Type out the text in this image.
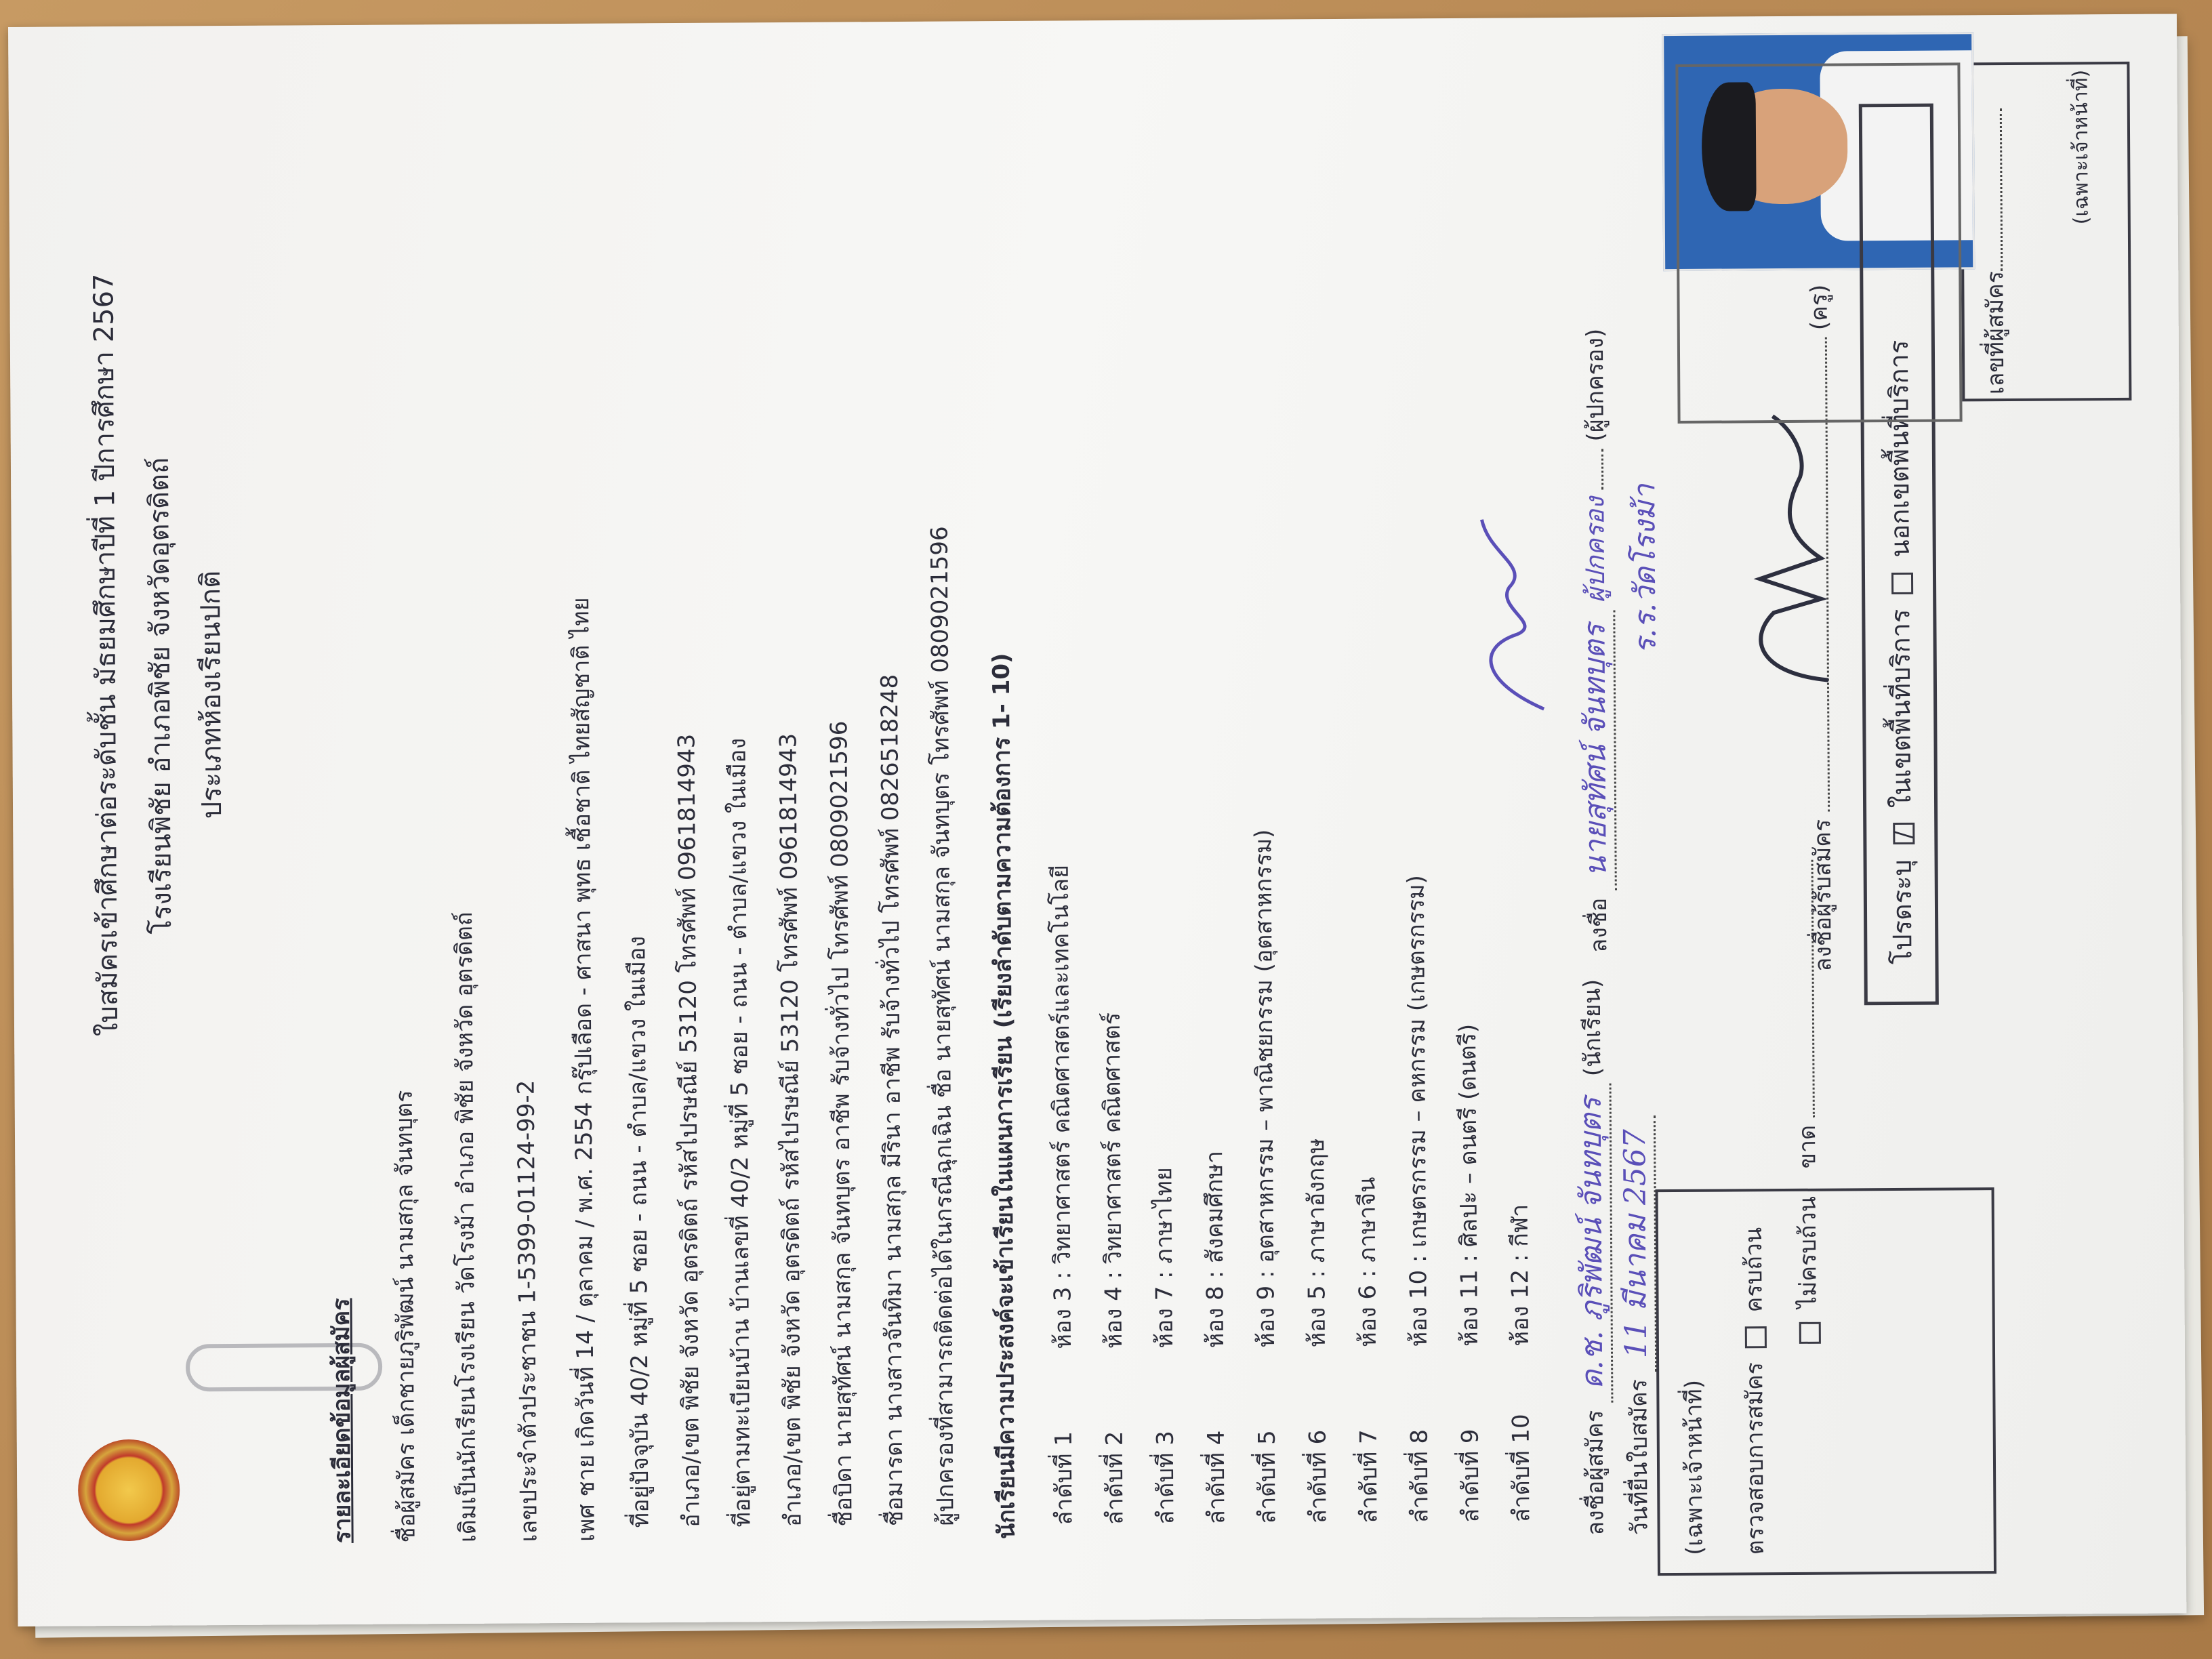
ใบสมัครเข้าศึกษาต่อระดับชั้น มัธยมศึกษาปีที่ 1 ปีการศึกษา 2567 โรงเรียนพิชัย อำเภอพิชัย จังหวัดอุตรดิตถ์ ประเภทห้องเรียนปกติ
(เฉพาะเจ้าหน้าที่)
เลขที่ผู้สมัคร
โปรดระบุ / ในเขตพื้นที่บริการ  นอกเขตพื้นที่บริการ
รายละเอียดข้อมูลผู้สมัคร ชื่อผู้สมัคร เด็กชายภูริพัฒน์ นามสกุล จันทบุตร เดิมเป็นนักเรียนโรงเรียน วัดโรงม้า อำเภอ พิชัย จังหวัด อุตรดิตถ์ เลขประจำตัวประชาชน 1-5399-01124-99-2 เพศ ชาย เกิดวันที่ 14 / ตุลาคม / พ.ศ. 2554 กรุ๊ปเลือด - ศาสนา พุทธ เชื้อชาติ ไทยสัญชาติ ไทย ที่อยู่ปัจจุบัน 40/2 หมู่ที่ 5 ซอย - ถนน - ตำบล/แขวง ในเมือง อำเภอ/เขต พิชัย จังหวัด อุตรดิตถ์ รหัสไปรษณีย์ 53120 โทรศัพท์ 0961814943 ที่อยู่ตามทะเบียนบ้าน บ้านเลขที่ 40/2 หมู่ที่ 5 ซอย - ถนน - ตำบล/แขวง ในเมือง อำเภอ/เขต พิชัย จังหวัด อุตรดิตถ์ รหัสไปรษณีย์ 53120 โทรศัพท์ 0961814943 ชื่อบิดา นายสุทัศน์ นามสกุล จันทบุตร อาชีพ รับจ้างทั่วไป โทรศัพท์ 0809021596 ชื่อมารดา นางสาวจันทิมา นามสกุล มีรินา อาชีพ รับจ้างทั่วไป โทรศัพท์ 0826518248 ผู้ปกครองที่สามารถติดต่อได้ในกรณีฉุกเฉิน ชื่อ นายสุทัศน์ นามสกุล จันทบุตร โทรศัพท์ 0809021596 นักเรียนมีความประสงค์จะเข้าเรียนในแผนการเรียน (เรียงลำดับตามความต้องการ 1- 10) ลำดับที่ 1
ห้อง 3 : วิทยาศาสตร์ คณิตศาสตร์และเทคโนโลยี
ลำดับที่ 2
ห้อง 4 : วิทยาศาสตร์ คณิตศาสตร์
ลำดับที่ 3
ห้อง 7 : ภาษาไทย
ลำดับที่ 4
ห้อง 8 : สังคมศึกษา
ลำดับที่ 5
ห้อง 9 : อุตสาหกรรม – พาณิชยกรรม (อุตสาหกรรม)
ลำดับที่ 6
ห้อง 5 : ภาษาอังกฤษ
ลำดับที่ 7
ห้อง 6 : ภาษาจีน
ลำดับที่ 8
ห้อง 10 : เกษตรกรรม – คหกรรม (เกษตรกรรม)
ลำดับที่ 9
ห้อง 11 : ศิลปะ – ดนตรี (ดนตรี)
ลำดับที่ 10
ห้อง 12 : กีฬา
ลงชื่อผู้สมัคร ด.ช. ภูริพัฒน์ จันทบุตร (นักเรียน)
วันที่ยื่นใบสมัคร 11 มีนาคม 2567
ลงชื่อ นายสุทัศน์ จันทบุตร ผู้ปกครอง  (ผู้ปกครอง)
ร.ร.วัดโรงม้า
(เฉพาะเจ้าหน้าที่) ตรวจสอบการสมัคร  ครบถ้วน ไม่ครบถ้วน ขาด
ลงชื่อผู้รับสมัคร  (ครู)
